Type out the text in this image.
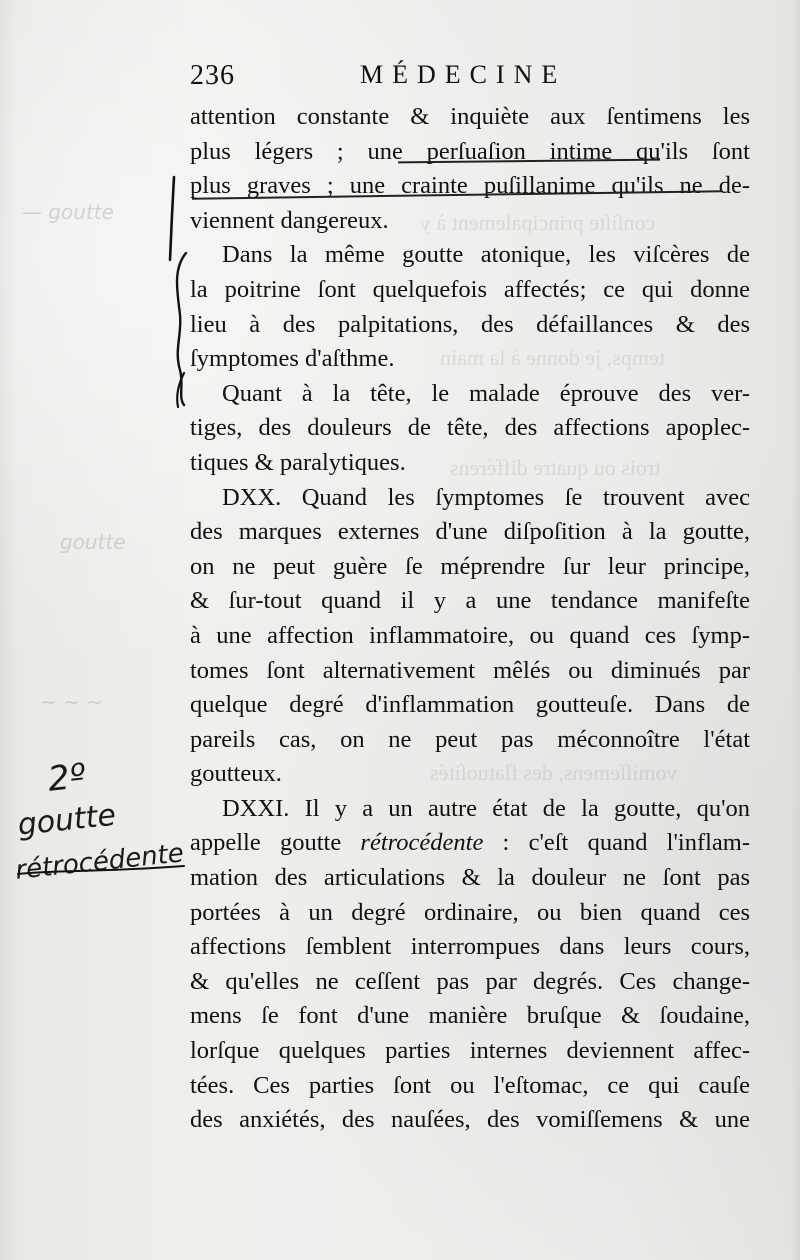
conſiſte principalement à y
temps, je donne à la main
trois ou quatre différens
vomiſſemens, des flatuoſités
— goutte
goutte
~ ~ ~
236	MÉDECINE
attention constante & inquiète aux ſentimens les
plus légers ; une perſuaſion intime qu'ils ſont
plus graves ; une crainte puſillanime qu'ils ne de-
viennent dangereux.
Dans la même goutte atonique, les viſcères de
la poitrine ſont quelquefois affectés; ce qui donne
lieu à des palpitations, des défaillances & des
ſymptomes d'aſthme.
Quant à la tête, le malade éprouve des ver-
tiges, des douleurs de tête, des affections apoplec-
tiques & paralytiques.
DXX. Quand les ſymptomes ſe trouvent avec
des marques externes d'une diſpoſition à la goutte,
on ne peut guère ſe méprendre ſur leur principe,
& ſur-tout quand il y a une tendance manifeſte
à une affection inflammatoire, ou quand ces ſymp-
tomes ſont alternativement mêlés ou diminués par
quelque degré d'inflammation goutteuſe. Dans de
pareils cas, on ne peut pas méconnoître l'état
goutteux.
DXXI. Il y a un autre état de la goutte, qu'on
appelle goutte rétrocédente : c'eſt quand l'inflam-
mation des articulations & la douleur ne ſont pas
portées à un degré ordinaire, ou bien quand ces
affections ſemblent interrompues dans leurs cours,
& qu'elles ne ceſſent pas par degrés. Ces change-
mens ſe font d'une manière bruſque & ſoudaine,
lorſque quelques parties internes deviennent affec-
tées. Ces parties ſont ou l'eſtomac, ce qui cauſe
des anxiétés, des nauſées, des vomiſſemens & une
2º
goutte
rétrocédente
